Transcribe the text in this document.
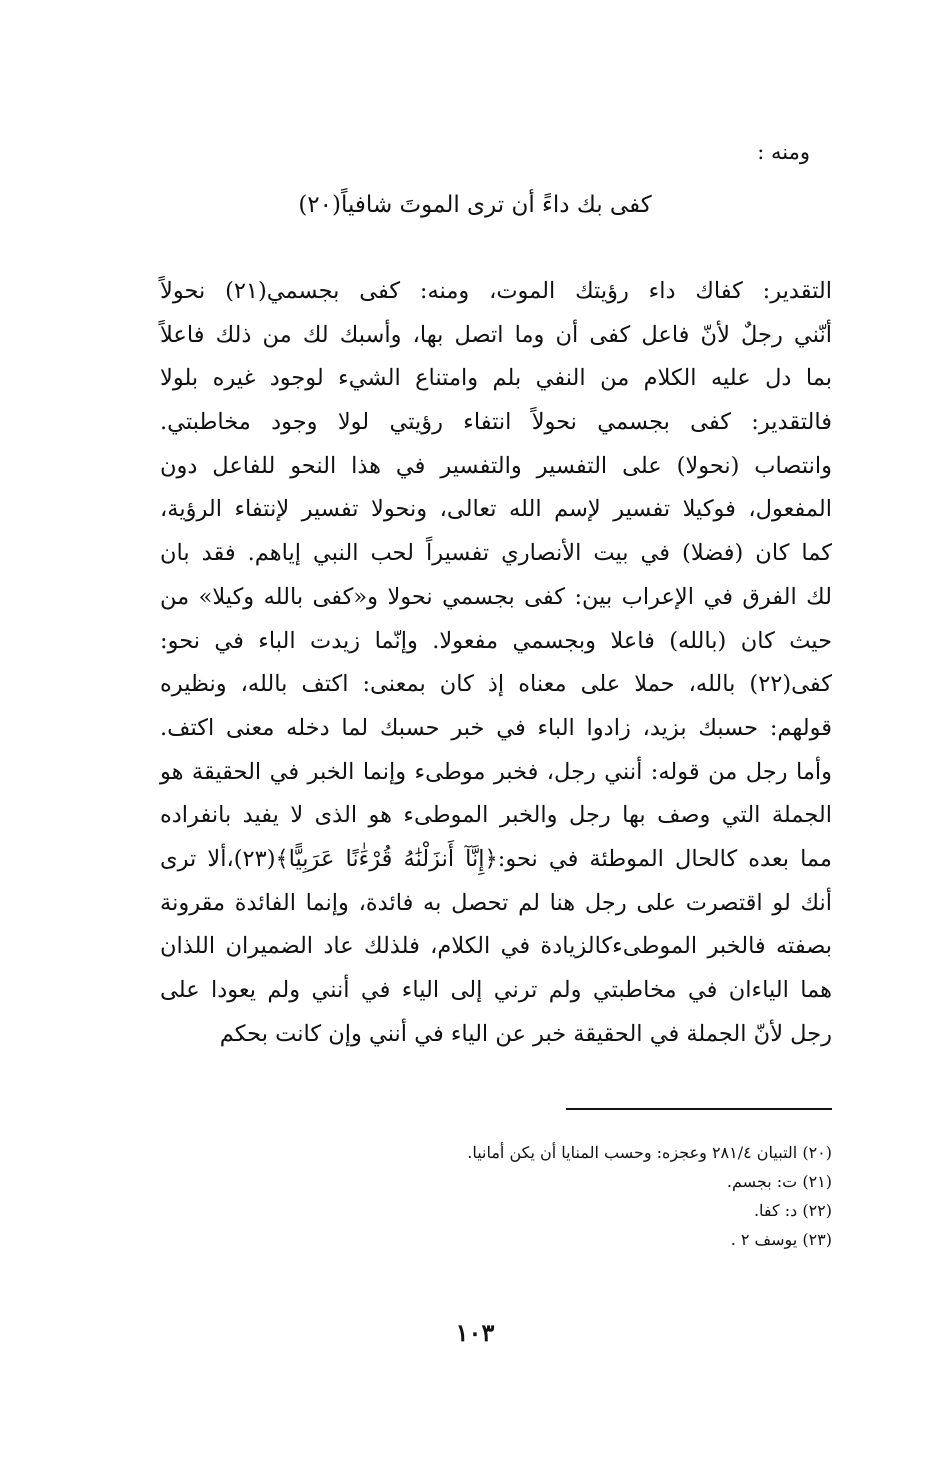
ومنه :
كفى بك داءً أن ترى الموتَ شافياً(٢٠)
التقدير: كفاك داء رؤيتك الموت، ومنه: كفى بجسمي(٢١) نحولاً
أنّني رجلٌ لأنّ فاعل كفى أن وما اتصل بها، وأسبك لك من ذلك فاعلاً
بما دل عليه الكلام من النفي بلم وامتناع الشيء لوجود غيره بلولا
فالتقدير: كفى بجسمي نحولاً انتفاء رؤيتي لولا وجود مخاطبتي.
وانتصاب (نحولا) على التفسير والتفسير في هذا النحو للفاعل دون
المفعول، فوكيلا تفسير لإسم الله تعالى، ونحولا تفسير لإنتفاء الرؤية،
كما كان (فضلا) في بيت الأنصاري تفسيراً لحب النبي إياهم. فقد بان
لك الفرق في الإعراب بين: كفى بجسمي نحولا و«كفى بالله وكيلا» من
حيث كان (بالله) فاعلا وبجسمي مفعولا. وإنّما زيدت الباء في نحو:
كفى(٢٢) بالله، حملا على معناه إذ كان بمعنى: اكتف بالله، ونظيره
قولهم: حسبك بزيد، زادوا الباء في خبر حسبك لما دخله معنى اكتف.
وأما رجل من قوله: أنني رجل، فخبر موطىء وإنما الخبر في الحقيقة هو
الجملة التي وصف بها رجل والخبر الموطىء هو الذى لا يفيد بانفراده
مما بعده كالحال الموطئة في نحو:﴿إِنَّآ أَنزَلْنَٰهُ قُرْءَٰنًا عَرَبِيًّا﴾(٢٣)،ألا ترى
أنك لو اقتصرت على رجل هنا لم تحصل به فائدة، وإنما الفائدة مقرونة
بصفته فالخبر الموطىءكالزيادة في الكلام، فلذلك عاد الضميران اللذان
هما الياءان في مخاطبتي ولم ترني إلى الياء في أنني ولم يعودا على
رجل لأنّ الجملة في الحقيقة خبر عن الياء في أنني وإن كانت بحكم
(٢٠) التبيان ٢٨١/٤ وعجزه: وحسب المنايا أن يكن أمانيا.
(٢١) ت: بجسم.
(٢٢) د: كفا.
(٢٣) يوسف ٢ .
١٠٣
